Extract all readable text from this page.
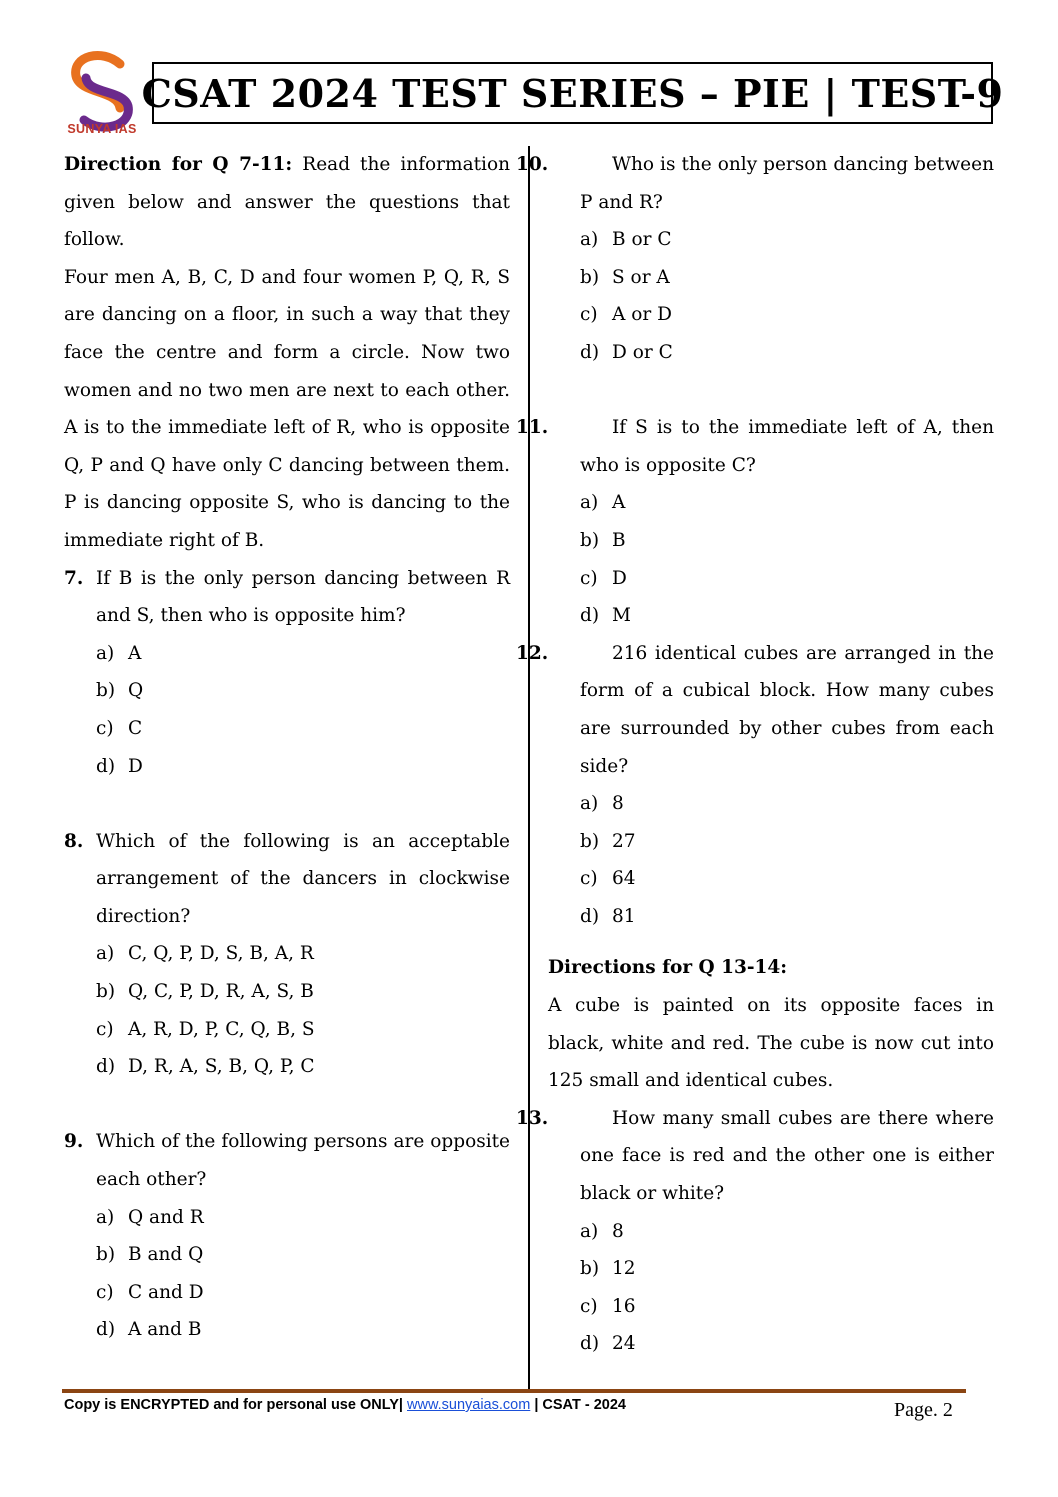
SUNYA IAS
CSAT 2024 TEST SERIES – PIE | TEST-9
Direction for Q 7-11: Read the information given below and answer the questions that follow.
Four men A, B, C, D and four women P, Q, R, S are dancing on a floor, in such a way that they face the centre and form a circle. Now two women and no two men are next to each other. A is to the immediate left of R, who is opposite Q, P and Q have only C dancing between them. P is dancing opposite S, who is dancing to the immediate right of B.
7. If B is the only person dancing between R and S, then who is opposite him?
a) A
b) Q
c) C
d) D
8. Which of the following is an acceptable arrangement of the dancers in clockwise direction?
a) C, Q, P, D, S, B, A, R
b) Q, C, P, D, R, A, S, B
c) A, R, D, P, C, Q, B, S
d) D, R, A, S, B, Q, P, C
9. Which of the following persons are opposite each other?
a) Q and R
b) B and Q
c) C and D
d) A and B
10.	Who is the only person dancing between P and R?
a) B or C
b) S or A
c) A or D
d) D or C
11.	If S is to the immediate left of A, then who is opposite C?
a) A
b) B
c) D
d) M
12.	216 identical cubes are arranged in the form of a cubical block. How many cubes are surrounded by other cubes from each side?
a) 8
b) 27
c) 64
d) 81
Directions for Q 13-14:
A cube is painted on its opposite faces in black, white and red. The cube is now cut into 125 small and identical cubes.
13.	How many small cubes are there where one face is red and the other one is either black or white?
a) 8
b) 12
c) 16
d) 24
Copy is ENCRYPTED and for personal use ONLY| www.sunyaias.com | CSAT - 2024	Page. 2
